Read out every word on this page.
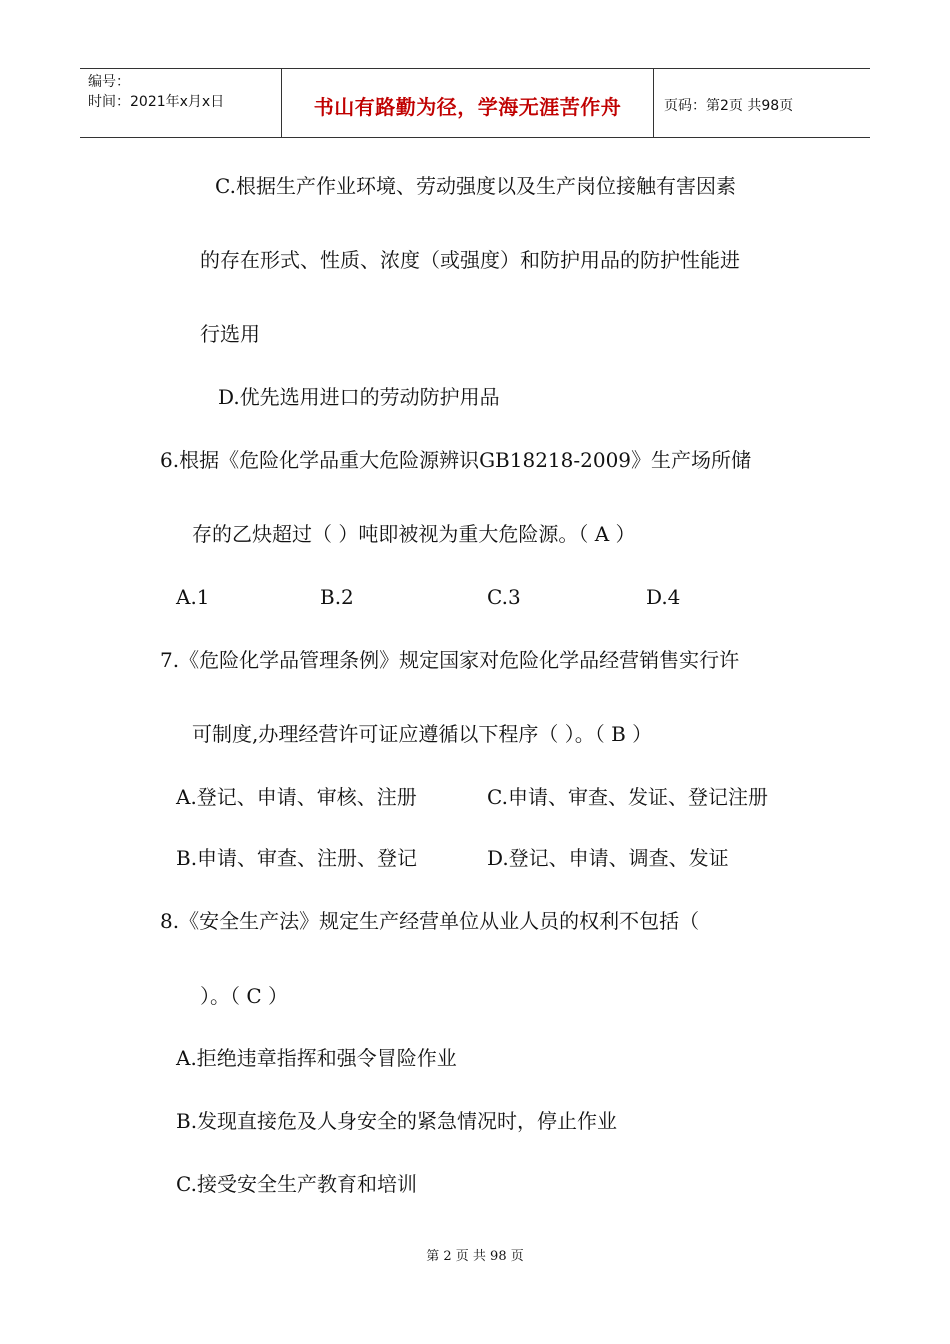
编号：
时间：2021年x月x日	书山有路勤为径，学海无涯苦作舟	页码：第2页 共98页
C.根据生产作业环境、劳动强度以及生产岗位接触有害因素
的存在形式、性质、浓度（或强度）和防护用品的防护性能进
行选用
D.优先选用进口的劳动防护用品
6.根据《危险化学品重大危险源辨识GB18218-2009》生产场所储
存的乙炔超过（ ）吨即被视为重大危险源。（ A ）
A.1	B.2	C.3	D.4
7.《危险化学品管理条例》规定国家对危险化学品经营销售实行许
可制度,办理经营许可证应遵循以下程序（ ）。（ B ）
A.登记、申请、审核、注册	C.申请、审查、发证、登记注册
B.申请、审查、注册、登记	D.登记、申请、调查、发证
8.《安全生产法》规定生产经营单位从业人员的权利不包括（
）。（ C ）
A.拒绝违章指挥和强令冒险作业
B.发现直接危及人身安全的紧急情况时，停止作业
C.接受安全生产教育和培训
第 2 页 共 98 页
